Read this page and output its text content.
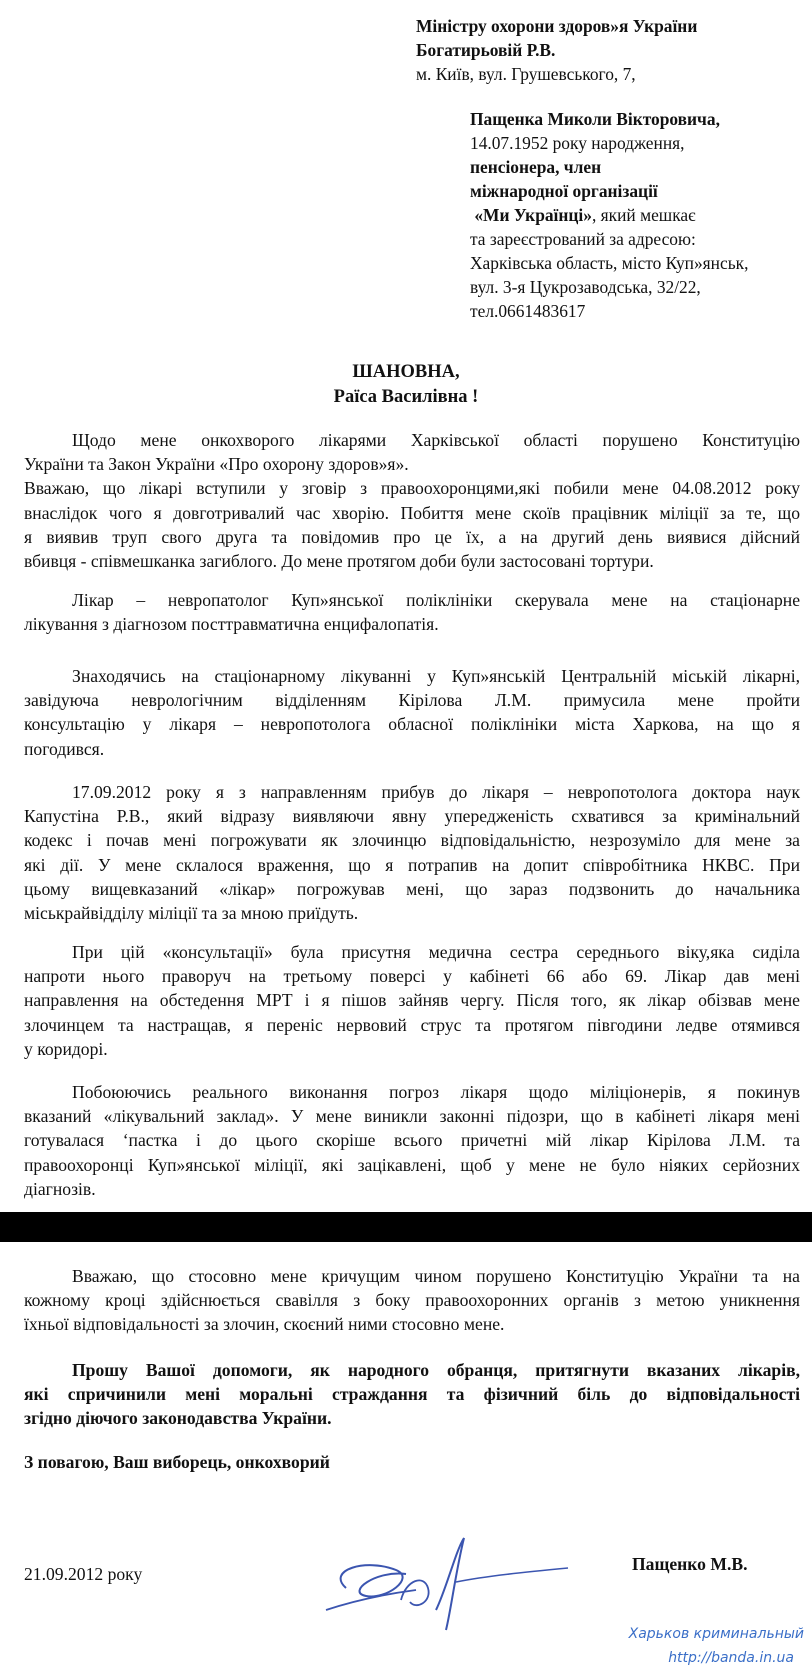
Міністру охорони здоров»я України
Богатирьовій Р.В.
м. Київ, вул. Грушевського, 7,
Пащенка Миколи Вікторовича,
14.07.1952 року народження,
пенсіонера, член
міжнародної організації
«Ми Українці», який мешкає
та зареєстрований за адресою:
Харківська область, місто Куп»янськ,
вул. 3-я Цукрозаводська, 32/22,
тел.0661483617
ШАНОВНА,
Раїса Василівна !
Щодо мене онкохворого лікарями Харківської області порушено Конституцію
України та Закон України «Про охорону здоров»я».
Вважаю, що лікарі вступили у зговір з правоохоронцями,які побили мене 04.08.2012 року
внаслідок чого я довготривалий час хворію. Побиття мене скоїв працівник міліції за те, що
я виявив труп свого друга та повідомив про це їх, а на другий день виявися дійсний
вбивця - співмешканка загиблого. До мене протягом доби були застосовані тортури.
Лікар – невропатолог Куп»янської поліклініки скерувала мене на стаціонарне
лікування з діагнозом посттравматична енцифалопатія.
Знаходячись на стаціонарному лікуванні у Куп»янській Центральній міській лікарні,
завідуюча неврологічним відділенням Кірілова Л.М. примусила мене пройти
консультацію у лікаря – невропотолога обласної поліклініки міста Харкова, на що я
погодився.
17.09.2012 року я з направленням прибув до лікаря – невропотолога доктора наук
Капустіна Р.В., який відразу виявляючи явну упередженість схватився за кримінальний
кодекс і почав мені погрожувати як злочинцю відповідальністю, незрозуміло для мене за
які дії. У мене склалося враження, що я потрапив на допит співробітника НКВС. При
цьому вищевказаний «лікар» погрожував мені, що зараз подзвонить до начальника
міськрайвідділу міліції та за мною приїдуть.
При цій «консультації» була присутня медична сестра середнього віку,яка сиділа
напроти нього праворуч на третьому поверсі у кабінеті 66 або 69. Лікар дав мені
направлення на обстедення МРТ і я пішов зайняв чергу. Після того, як лікар обізвав мене
злочинцем та настращав, я переніс нервовий струс та протягом півгодини ледве отямився
у коридорі.
Побоюючись реального виконання погроз лікаря щодо міліціонерів, я покинув
вказаний «лікувальний заклад». У мене виникли законні підозри, що в кабінеті лікаря мені
готувалася ‘пастка і до цього скоріше всього причетні мій лікар Кірілова Л.М. та
правоохоронці Куп»янської міліції, які зацікавлені, щоб у мене не було ніяких серйозних
діагнозів.
Вважаю, що стосовно мене кричущим чином порушено Конституцію України та на
кожному кроці здійснюється свавілля з боку правоохоронних органів з метою уникнення
їхньої відповідальності за злочин, скоєний ними стосовно мене.
Прошу Вашої допомоги, як народного обранця, притягнути вказаних лікарів,
які спричинили мені моральні страждання та фізичний біль до відповідальності
згідно діючого законодавства України.
З повагою, Ваш виборець, онкохворий
21.09.2012 року	Пащенко М.В.
Харьков криминальный
http://banda.in.ua
